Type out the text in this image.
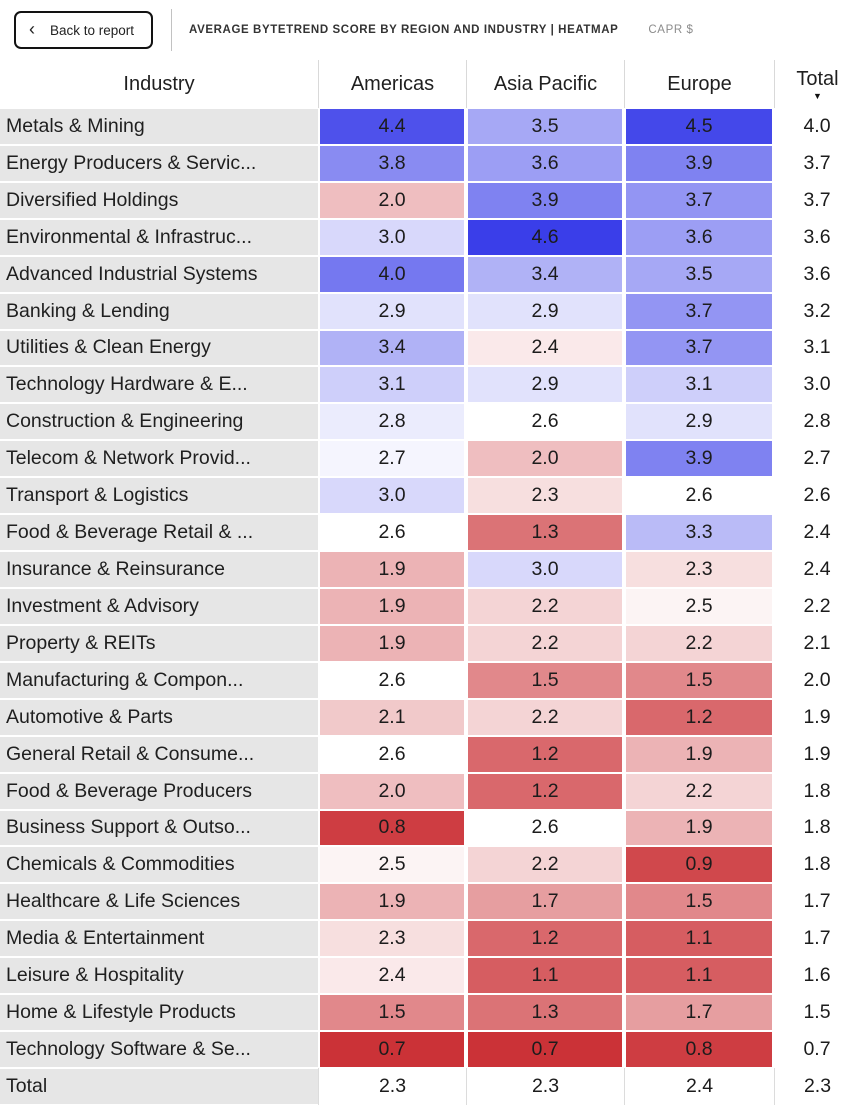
‹ Back to report	AVERAGE BYTETREND SCORE BY REGION AND INDUSTRY | HEATMAP	CAPR $
Industry	Americas	Asia Pacific	Europe	Total
▼
Metals & Mining	4.4	3.5	4.5	4.0
Energy Producers & Servic...	3.8	3.6	3.9	3.7
Diversified Holdings	2.0	3.9	3.7	3.7
Environmental & Infrastruc...	3.0	4.6	3.6	3.6
Advanced Industrial Systems	4.0	3.4	3.5	3.6
Banking & Lending	2.9	2.9	3.7	3.2
Utilities & Clean Energy	3.4	2.4	3.7	3.1
Technology Hardware & E...	3.1	2.9	3.1	3.0
Construction & Engineering	2.8	2.6	2.9	2.8
Telecom & Network Provid...	2.7	2.0	3.9	2.7
Transport & Logistics	3.0	2.3	2.6	2.6
Food & Beverage Retail & ...	2.6	1.3	3.3	2.4
Insurance & Reinsurance	1.9	3.0	2.3	2.4
Investment & Advisory	1.9	2.2	2.5	2.2
Property & REITs	1.9	2.2	2.2	2.1
Manufacturing & Compon...	2.6	1.5	1.5	2.0
Automotive & Parts	2.1	2.2	1.2	1.9
General Retail & Consume...	2.6	1.2	1.9	1.9
Food & Beverage Producers	2.0	1.2	2.2	1.8
Business Support & Outso...	0.8	2.6	1.9	1.8
Chemicals & Commodities	2.5	2.2	0.9	1.8
Healthcare & Life Sciences	1.9	1.7	1.5	1.7
Media & Entertainment	2.3	1.2	1.1	1.7
Leisure & Hospitality	2.4	1.1	1.1	1.6
Home & Lifestyle Products	1.5	1.3	1.7	1.5
Technology Software & Se...	0.7	0.7	0.8	0.7
Total	2.3	2.3	2.4	2.3
